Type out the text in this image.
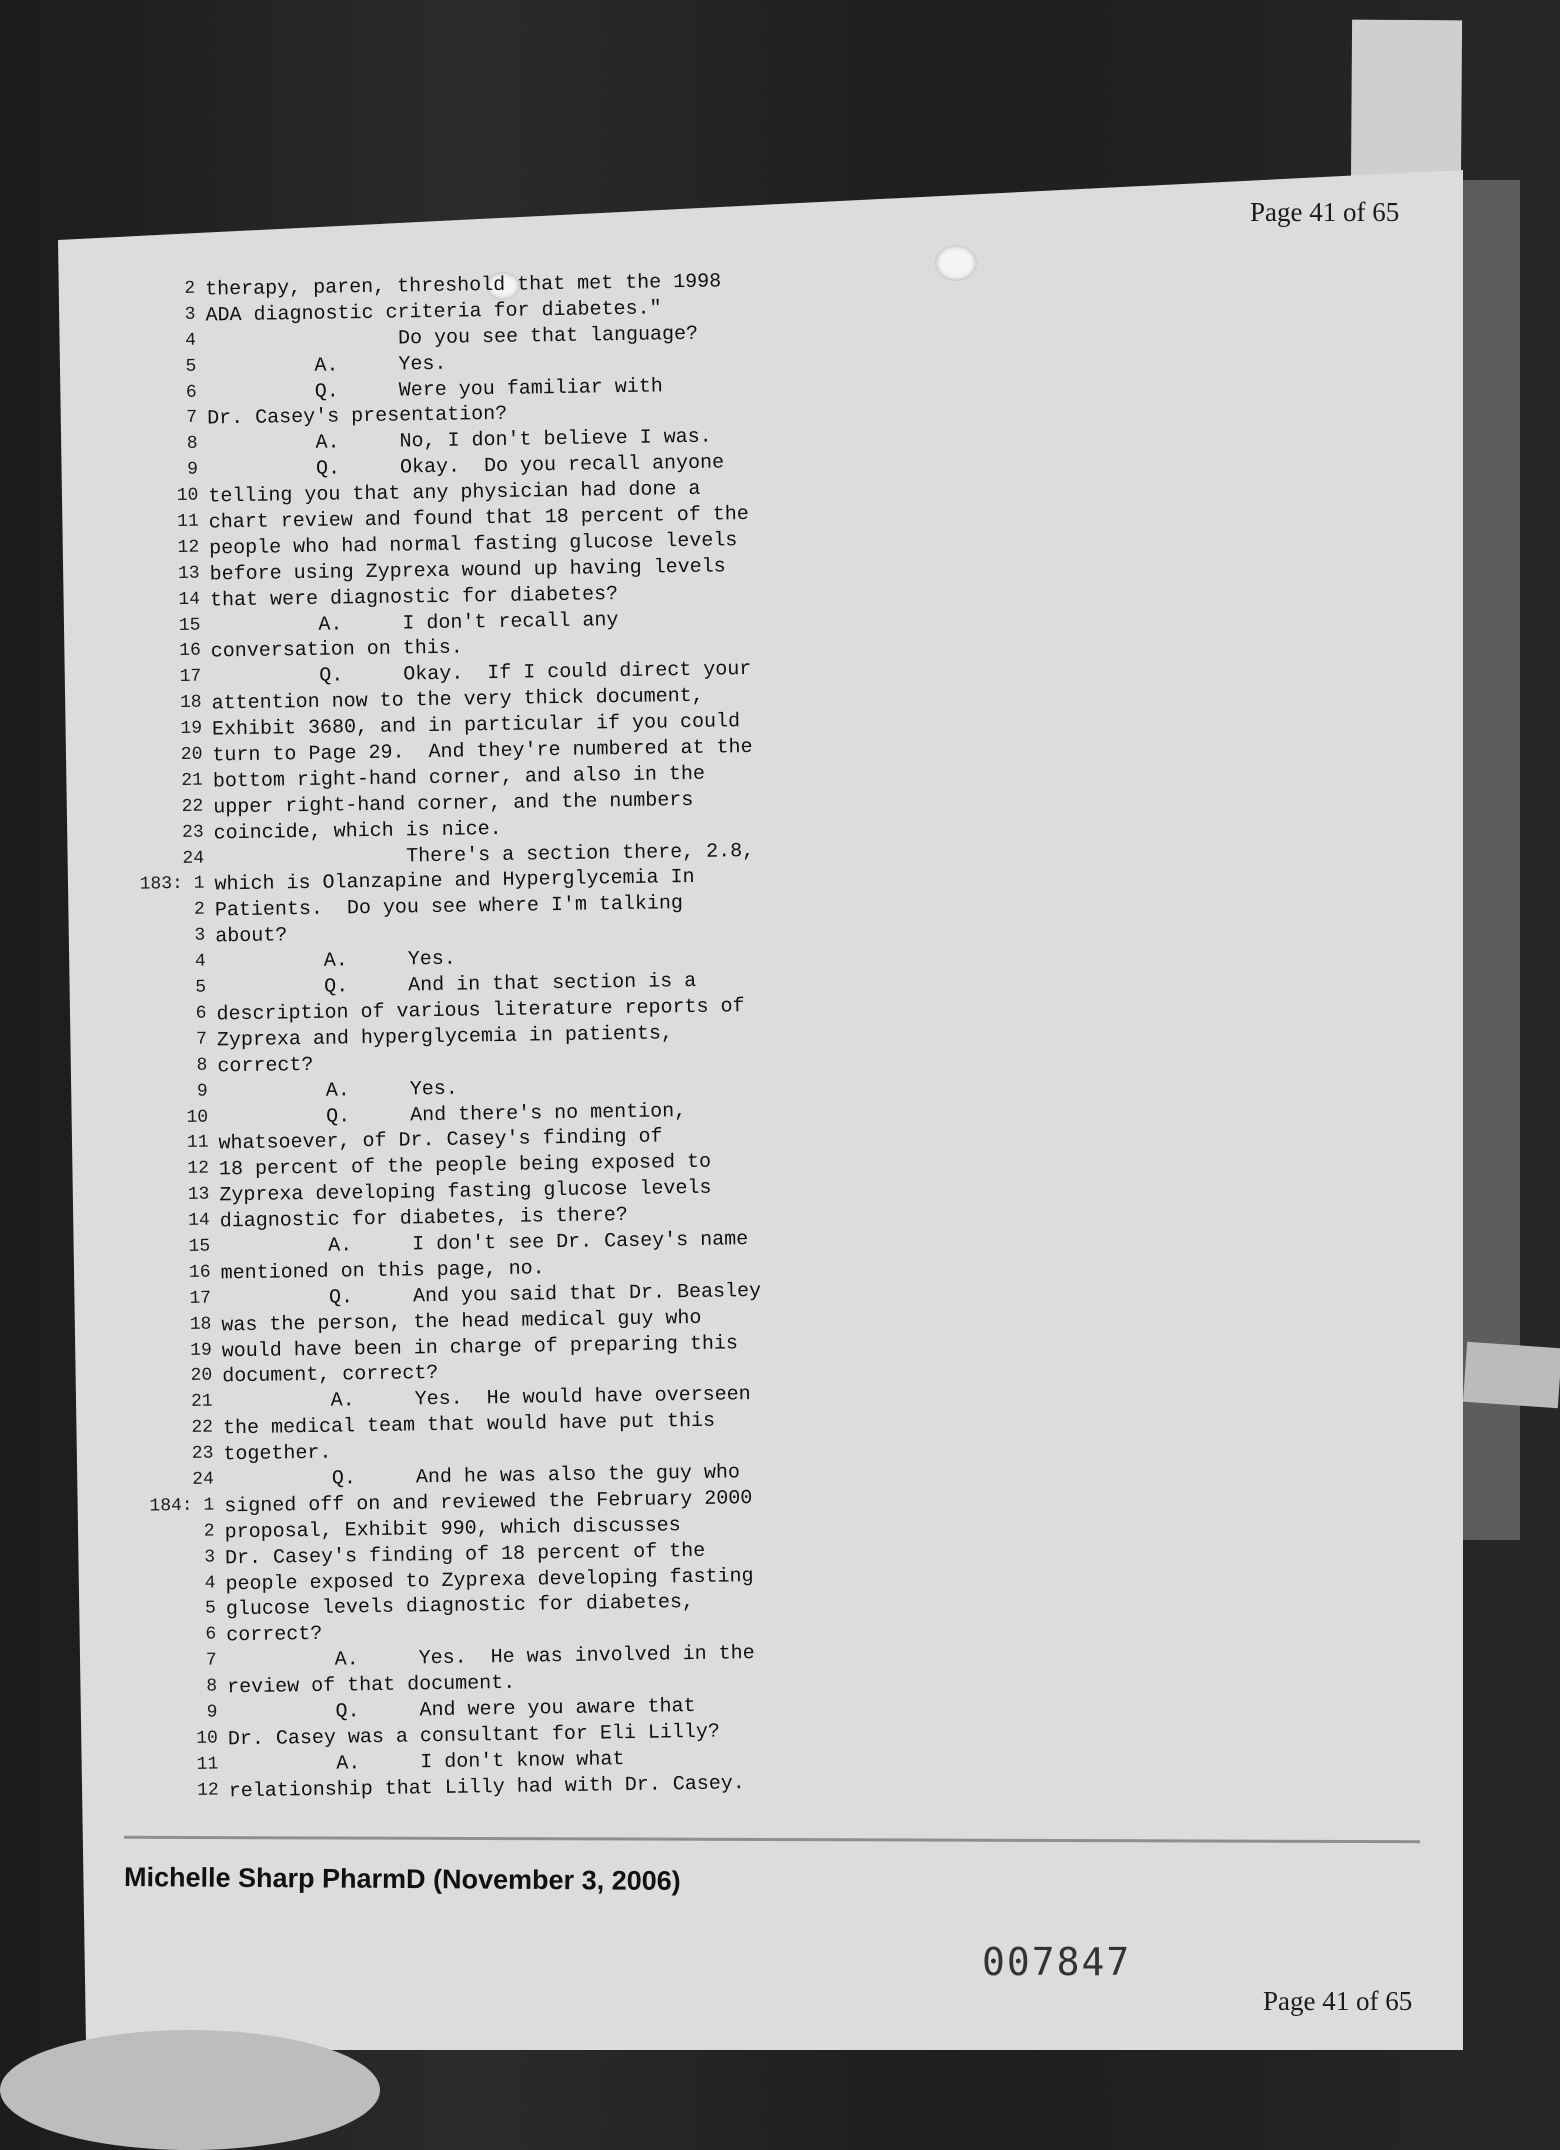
Page 41 of 65
2 therapy, paren, threshold that met the 1998
3 ADA diagnostic criteria for diabetes."
4 Do you see that language?
5 A.     Yes.
6 Q.     Were you familiar with
7 Dr. Casey's presentation?
8 A.     No, I don't believe I was.
9 Q.     Okay.  Do you recall anyone
10 telling you that any physician had done a
11 chart review and found that 18 percent of the
12 people who had normal fasting glucose levels
13 before using Zyprexa wound up having levels
14 that were diagnostic for diabetes?
15 A.     I don't recall any
16 conversation on this.
17 Q.     Okay.  If I could direct your
18 attention now to the very thick document,
19 Exhibit 3680, and in particular if you could
20 turn to Page 29.  And they're numbered at the
21 bottom right-hand corner, and also in the
22 upper right-hand corner, and the numbers
23 coincide, which is nice.
24 There's a section there, 2.8,
183: 1 which is Olanzapine and Hyperglycemia In
2 Patients.  Do you see where I'm talking
3 about?
4 A.     Yes.
5 Q.     And in that section is a
6 description of various literature reports of
7 Zyprexa and hyperglycemia in patients,
8 correct?
9 A.     Yes.
10 Q.     And there's no mention,
11 whatsoever, of Dr. Casey's finding of
12 18 percent of the people being exposed to
13 Zyprexa developing fasting glucose levels
14 diagnostic for diabetes, is there?
15 A.     I don't see Dr. Casey's name
16 mentioned on this page, no.
17 Q.     And you said that Dr. Beasley
18 was the person, the head medical guy who
19 would have been in charge of preparing this
20 document, correct?
21 A.     Yes.  He would have overseen
22 the medical team that would have put this
23 together.
24 Q.     And he was also the guy who
184: 1 signed off on and reviewed the February 2000
2 proposal, Exhibit 990, which discusses
3 Dr. Casey's finding of 18 percent of the
4 people exposed to Zyprexa developing fasting
5 glucose levels diagnostic for diabetes,
6 correct?
7 A.     Yes.  He was involved in the
8 review of that document.
9 Q.     And were you aware that
10 Dr. Casey was a consultant for Eli Lilly?
11 A.     I don't know what
12 relationship that Lilly had with Dr. Casey.
Michelle Sharp PharmD (November 3, 2006)
007847
Page 41 of 65
